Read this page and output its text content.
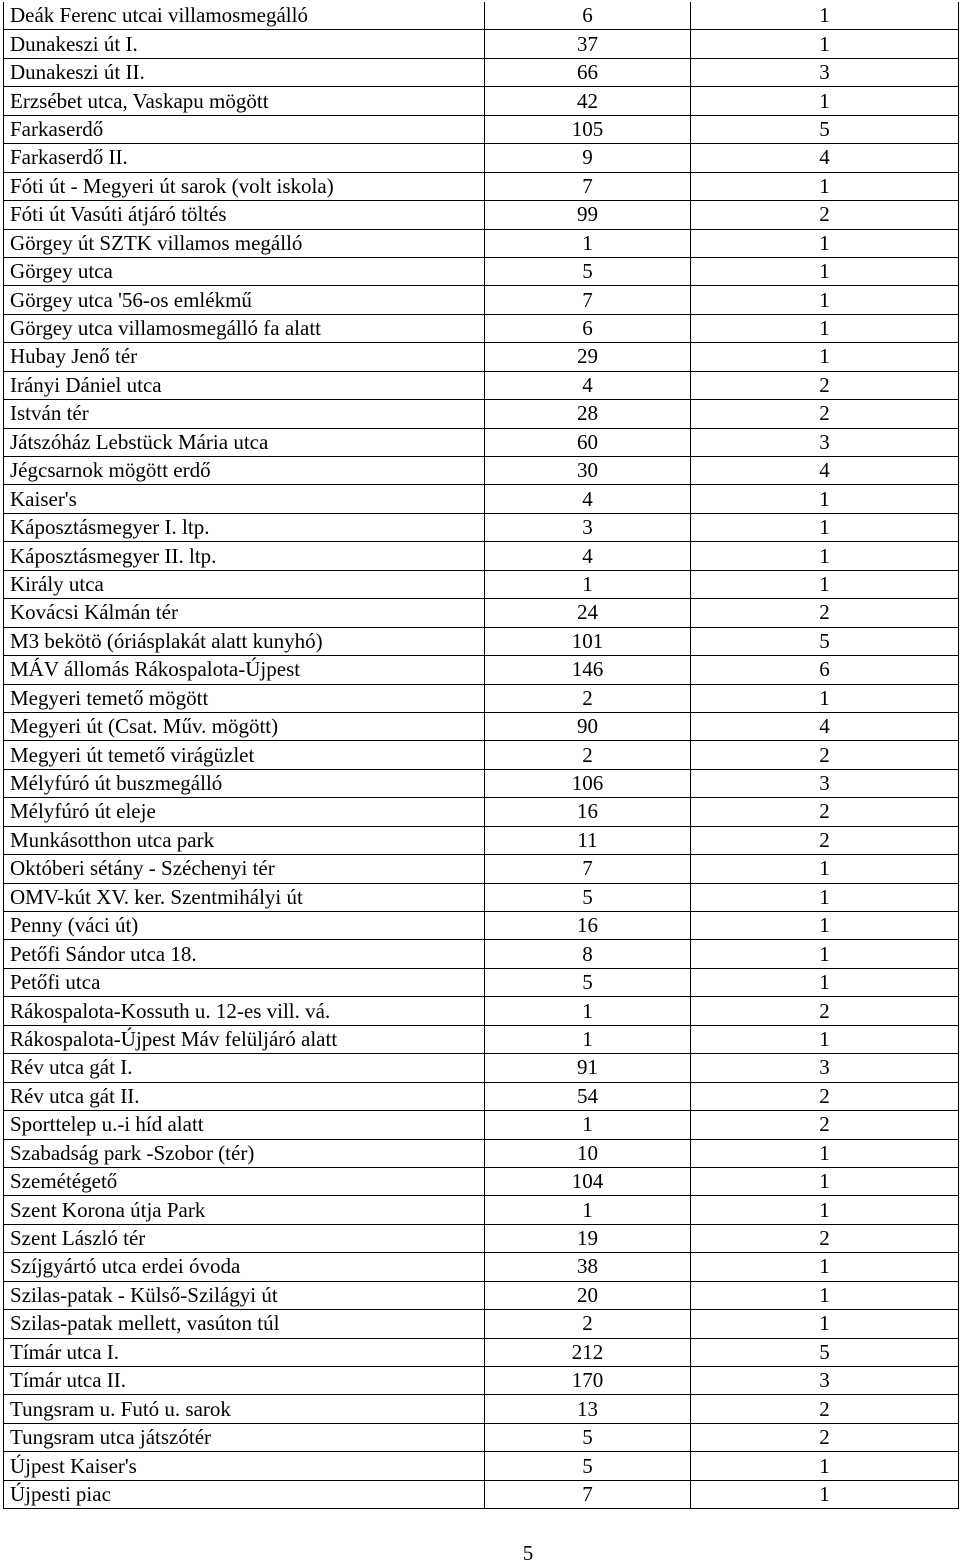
Deák Ferenc utcai villamosmegálló	6	1
Dunakeszi út I.	37	1
Dunakeszi út II.	66	3
Erzsébet utca, Vaskapu mögött	42	1
Farkaserdő	105	5
Farkaserdő II.	9	4
Fóti út - Megyeri út sarok (volt iskola)	7	1
Fóti út Vasúti átjáró töltés	99	2
Görgey út SZTK villamos megálló	1	1
Görgey utca	5	1
Görgey utca '56-os emlékmű	7	1
Görgey utca villamosmegálló fa alatt	6	1
Hubay Jenő tér	29	1
Irányi Dániel utca	4	2
István tér	28	2
Játszóház Lebstück Mária utca	60	3
Jégcsarnok mögött erdő	30	4
Kaiser's	4	1
Káposztásmegyer I. ltp.	3	1
Káposztásmegyer II. ltp.	4	1
Király utca	1	1
Kovácsi Kálmán tér	24	2
M3 bekötö (óriásplakát alatt kunyhó)	101	5
MÁV állomás Rákospalota-Újpest	146	6
Megyeri temető mögött	2	1
Megyeri út (Csat. Műv. mögött)	90	4
Megyeri út temető virágüzlet	2	2
Mélyfúró út buszmegálló	106	3
Mélyfúró út eleje	16	2
Munkásotthon utca park	11	2
Októberi sétány - Széchenyi tér	7	1
OMV-kút XV. ker. Szentmihályi út	5	1
Penny (váci út)	16	1
Petőfi Sándor utca 18.	8	1
Petőfi utca	5	1
Rákospalota-Kossuth u. 12-es vill. vá.	1	2
Rákospalota-Újpest Máv felüljáró alatt	1	1
Rév utca gát I.	91	3
Rév utca gát II.	54	2
Sporttelep u.-i híd alatt	1	2
Szabadság park -Szobor (tér)	10	1
Szemétégető	104	1
Szent Korona útja Park	1	1
Szent László tér	19	2
Szíjgyártó utca erdei óvoda	38	1
Szilas-patak - Külső-Szilágyi út	20	1
Szilas-patak mellett, vasúton túl	2	1
Tímár utca I.	212	5
Tímár utca II.	170	3
Tungsram u. Futó u. sarok	13	2
Tungsram utca játszótér	5	2
Újpest Kaiser's	5	1
Újpesti piac	7	1
5
